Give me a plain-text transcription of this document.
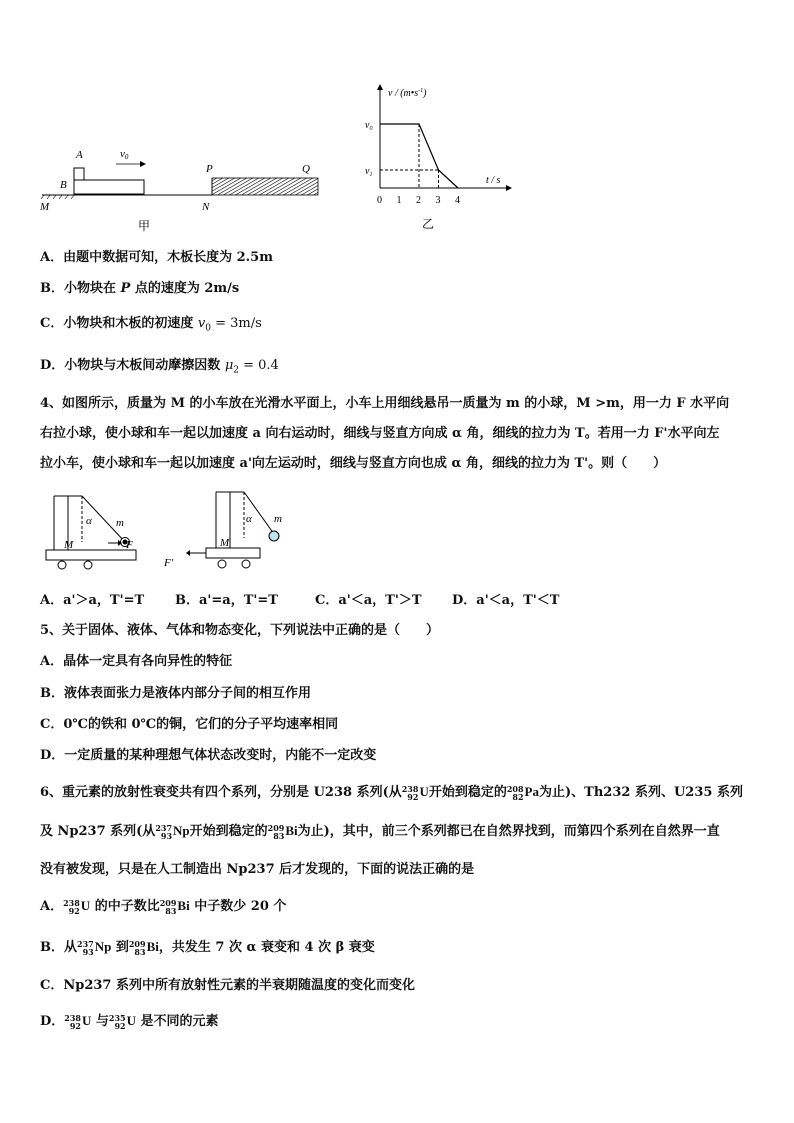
A
B
v0
P	Q
M	N
甲
v / $(m•s^{-1})$
t / s
$v_0$
$v_1$
0 1 2 3 4
乙
A．由题中数据可知，木板长度为 2.5m
B．小物块在 P 点的速度为 2m/s
C．小物块和木板的初速度 $v_0 = 3m/s$
D．小物块与木板间动摩擦因数 $\mu_2 = 0.4$
4、如图所示，质量为 M 的小车放在光滑水平面上，小车上用细线悬吊一质量为 m 的小球，M >m，用一力 F 水平向
右拉小球，使小球和车一起以加速度 a 向右运动时，细线与竖直方向成 α 角，细线的拉力为 T。若用一力 F'水平向左
拉小车，使小球和车一起以加速度 a'向左运动时，细线与竖直方向也成 α 角，细线的拉力为 T'。则（　　）
α m
M	F
α m
M
F'
A．a'＞a，T'=T B．a'=a，T'=T	C．a'＜a，T'＞T D．a'＜a，T'＜T
5、关于固体、液体、气体和物态变化，下列说法中正确的是（　　）
A．晶体一定具有各向异性的特征
B．液体表面张力是液体内部分子间的相互作用
C．0℃的铁和 0℃的铜，它们的分子平均速率相同
D．一定质量的某种理想气体状态改变时，内能不一定改变
6、重元素的放射性衰变共有四个系列，分别是 U238 系列(从 238
92 U开始到稳定的 208
82 Pa为止)、Th232 系列、U235 系列
及 Np237 系列(从 237
93 Np开始到稳定的 209
83 Bi为止)，其中，前三个系列都已在自然界找到，而第四个系列在自然界一直
没有被发现，只是在人工制造出 Np237 后才发现的，下面的说法正确的是
A． 238
92 U 的中子数比 209
83 Bi 中子数少 20 个
B．从 237
93 Np 到 209
83 Bi，共发生 7 次 α 衰变和 4 次 β 衰变
C．Np237 系列中所有放射性元素的半衰期随温度的变化而变化
D． 238
92 U 与 235
92 U 是不同的元素
